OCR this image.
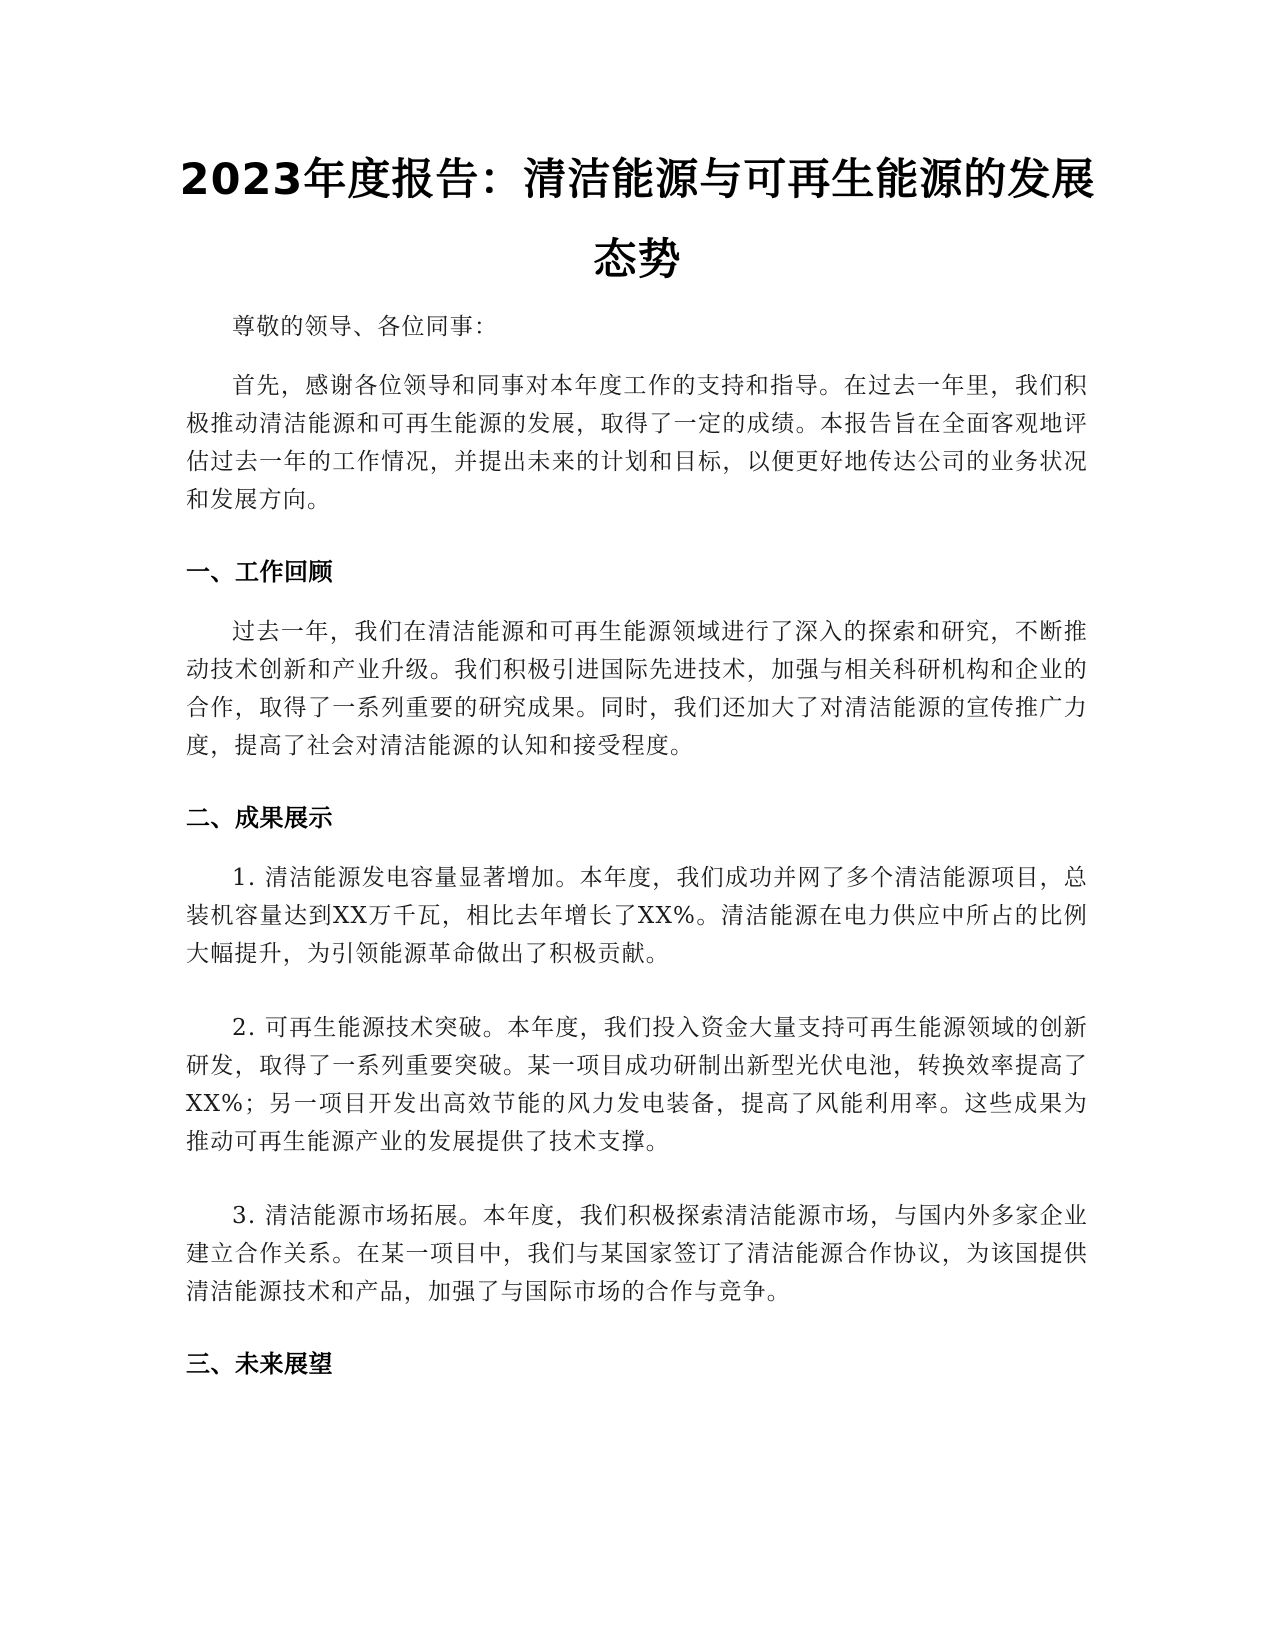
2023年度报告：清洁能源与可再生能源的发展态势

尊敬的领导、各位同事：

首先，感谢各位领导和同事对本年度工作的支持和指导。在过去一年里，我们积极推动清洁能源和可再生能源的发展，取得了一定的成绩。本报告旨在全面客观地评估过去一年的工作情况，并提出未来的计划和目标，以便更好地传达公司的业务状况和发展方向。

一、工作回顾

过去一年，我们在清洁能源和可再生能源领域进行了深入的探索和研究，不断推动技术创新和产业升级。我们积极引进国际先进技术，加强与相关科研机构和企业的合作，取得了一系列重要的研究成果。同时，我们还加大了对清洁能源的宣传推广力度，提高了社会对清洁能源的认知和接受程度。

二、成果展示

1. 清洁能源发电容量显著增加。本年度，我们成功并网了多个清洁能源项目，总装机容量达到XX万千瓦，相比去年增长了XX%。清洁能源在电力供应中所占的比例大幅提升，为引领能源革命做出了积极贡献。

2. 可再生能源技术突破。本年度，我们投入资金大量支持可再生能源领域的创新研发，取得了一系列重要突破。某一项目成功研制出新型光伏电池，转换效率提高了XX%；另一项目开发出高效节能的风力发电装备，提高了风能利用率。这些成果为推动可再生能源产业的发展提供了技术支撑。

3. 清洁能源市场拓展。本年度，我们积极探索清洁能源市场，与国内外多家企业建立合作关系。在某一项目中，我们与某国家签订了清洁能源合作协议，为该国提供清洁能源技术和产品，加强了与国际市场的合作与竞争。

三、未来展望
